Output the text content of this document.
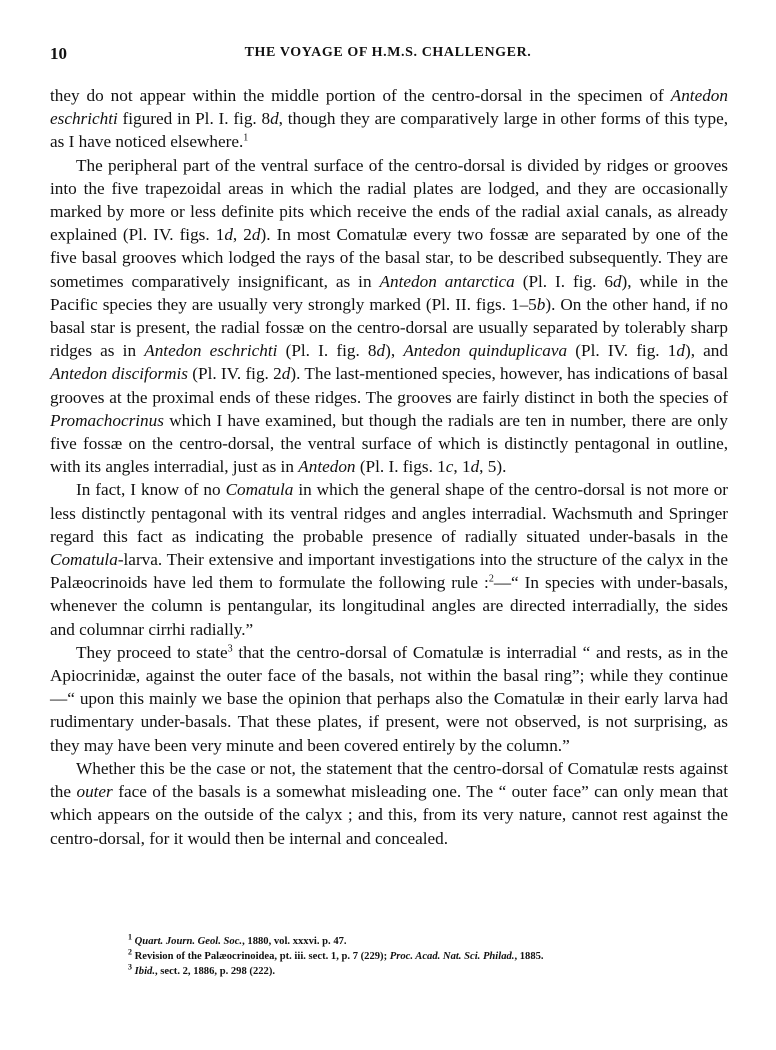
10	THE VOYAGE OF H.M.S. CHALLENGER.

they do not appear within the middle portion of the centro-dorsal in the specimen of Antedon eschrichti figured in Pl. I. fig. 8d, though they are comparatively large in other forms of this type, as I have noticed elsewhere.$^1$

The peripheral part of the ventral surface of the centro-dorsal is divided by ridges or grooves into the five trapezoidal areas in which the radial plates are lodged, and they are occasionally marked by more or less definite pits which receive the ends of the radial axial canals, as already explained (Pl. IV. figs. 1d, 2d). In most Comatulæ every two fossæ are separated by one of the five basal grooves which lodged the rays of the basal star, to be described subsequently. They are sometimes comparatively insignificant, as in Antedon antarctica (Pl. I. fig. 6d), while in the Pacific species they are usually very strongly marked (Pl. II. figs. 1–5b). On the other hand, if no basal star is present, the radial fossæ on the centro-dorsal are usually separated by tolerably sharp ridges as in Antedon eschrichti (Pl. I. fig. 8d), Antedon quinduplicava (Pl. IV. fig. 1d), and Antedon disciformis (Pl. IV. fig. 2d). The last-mentioned species, however, has indications of basal grooves at the proximal ends of these ridges. The grooves are fairly distinct in both the species of Promachocrinus which I have examined, but though the radials are ten in number, there are only five fossæ on the centro-dorsal, the ventral surface of which is distinctly pentagonal in outline, with its angles interradial, just as in Antedon (Pl. I. figs. 1c, 1d, 5).

In fact, I know of no Comatula in which the general shape of the centro-dorsal is not more or less distinctly pentagonal with its ventral ridges and angles interradial. Wachsmuth and Springer regard this fact as indicating the probable presence of radially situated under-basals in the Comatula-larva. Their extensive and important investigations into the structure of the calyx in the Palæocrinoids have led them to formulate the following rule :$^2$—“ In species with under-basals, whenever the column is pentangular, its longitudinal angles are directed interradially, the sides and columnar cirrhi radially.”

They proceed to state$^3$ that the centro-dorsal of Comatulæ is interradial “ and rests, as in the Apiocrinidæ, against the outer face of the basals, not within the basal ring”; while they continue—“ upon this mainly we base the opinion that perhaps also the Comatulæ in their early larva had rudimentary under-basals. That these plates, if present, were not observed, is not surprising, as they may have been very minute and been covered entirely by the column.”

Whether this be the case or not, the statement that the centro-dorsal of Comatulæ rests against the outer face of the basals is a somewhat misleading one. The “ outer face” can only mean that which appears on the outside of the calyx ; and this, from its very nature, cannot rest against the centro-dorsal, for it would then be internal and concealed.

$^1$ Quart. Journ. Geol. Soc., 1880, vol. xxxvi. p. 47.

$^2$ Revision of the Palæocrinoidea, pt. iii. sect. 1, p. 7 (229); Proc. Acad. Nat. Sci. Philad., 1885.

$^3$ Ibid., sect. 2, 1886, p. 298 (222).
